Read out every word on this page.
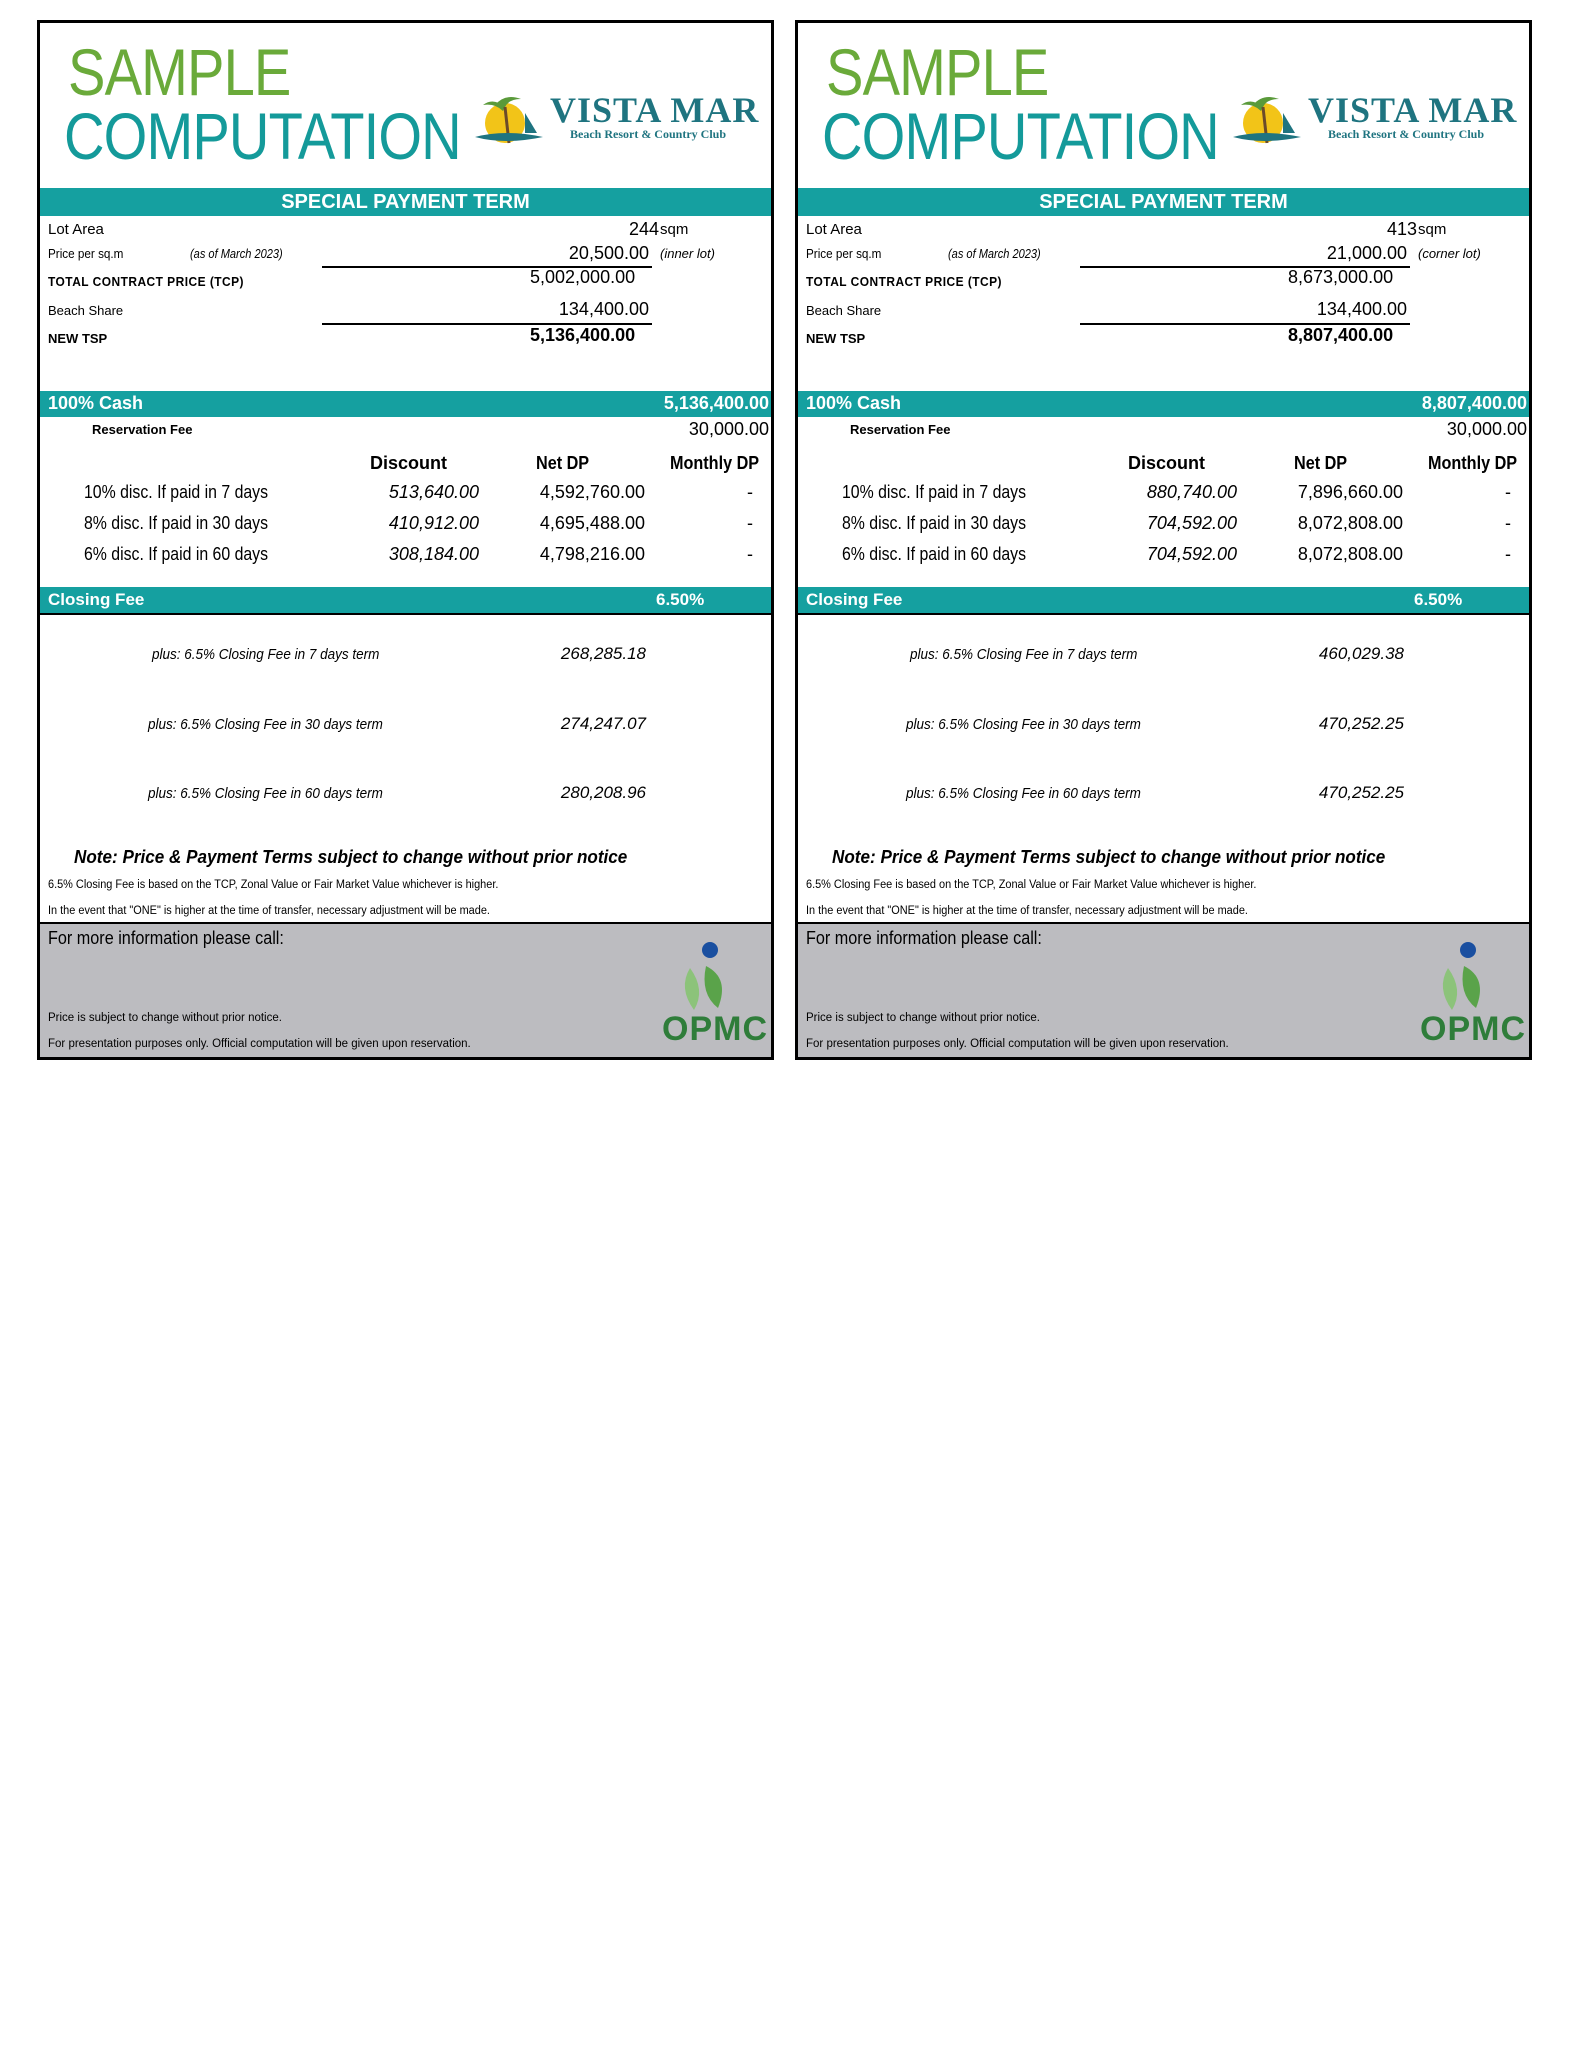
SAMPLE
COMPUTATION VISTA MAR
Beach Resort & Country Club
SPECIAL PAYMENT TERM
Lot Area	244 sqm
Price per sq.m	(as of March 2023)	20,500.00 (inner lot)
TOTAL CONTRACT PRICE (TCP)	5,002,000.00
Beach Share	134,400.00
NEW TSP	5,136,400.00
100% Cash	5,136,400.00
Reservation Fee	30,000.00
Discount	Net DP	Monthly DP
10% disc. If paid in 7 days	513,640.00	4,592,760.00	-
8% disc. If paid in 30 days	410,912.00	4,695,488.00	-
6% disc. If paid in 60 days	308,184.00	4,798,216.00	-
Closing Fee	6.50%
plus: 6.5% Closing Fee in 7 days term	268,285.18
plus: 6.5% Closing Fee in 30 days term	274,247.07
plus: 6.5% Closing Fee in 60 days term	280,208.96
Note: Price & Payment Terms subject to change without prior notice
6.5% Closing Fee is based on the TCP, Zonal Value or Fair Market Value whichever is higher.
In the event that "ONE" is higher at the time of transfer, necessary adjustment will be made.
For more information please call:
Price is subject to change without prior notice.
For presentation purposes only. Official computation will be given upon reservation.	OPMC
SAMPLE
COMPUTATION VISTA MAR
Beach Resort & Country Club
SPECIAL PAYMENT TERM
Lot Area	413 sqm
Price per sq.m	(as of March 2023)	21,000.00 (corner lot)
TOTAL CONTRACT PRICE (TCP)	8,673,000.00
Beach Share	134,400.00
NEW TSP	8,807,400.00
100% Cash	8,807,400.00
Reservation Fee	30,000.00
Discount	Net DP	Monthly DP
10% disc. If paid in 7 days	880,740.00	7,896,660.00	-
8% disc. If paid in 30 days	704,592.00	8,072,808.00	-
6% disc. If paid in 60 days	704,592.00	8,072,808.00	-
Closing Fee	6.50%
plus: 6.5% Closing Fee in 7 days term	460,029.38
plus: 6.5% Closing Fee in 30 days term	470,252.25
plus: 6.5% Closing Fee in 60 days term	470,252.25
Note: Price & Payment Terms subject to change without prior notice
6.5% Closing Fee is based on the TCP, Zonal Value or Fair Market Value whichever is higher.
In the event that "ONE" is higher at the time of transfer, necessary adjustment will be made.
For more information please call:
Price is subject to change without prior notice.
For presentation purposes only. Official computation will be given upon reservation.	OPMC
